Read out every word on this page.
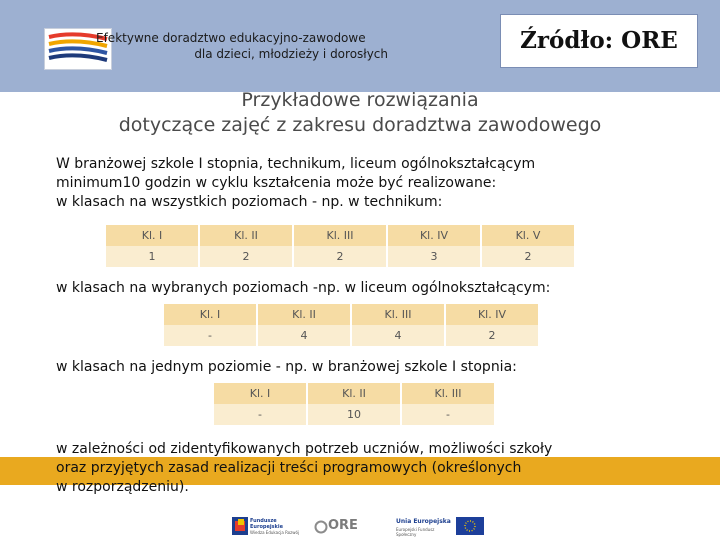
Efektywne doradztwo edukacyjno-zawodowe
dla dzieci, młodzieży i dorosłych	Źródło: ORE
Przykładowe rozwiązania
dotyczące zajęć z zakresu doradztwa zawodowego
W branżowej szkole I stopnia, technikum, liceum ogólnokształcącym
minimum10 godzin w cyklu kształcenia może być realizowane:
w klasach na wszystkich poziomach - np. w technikum:
Kl. I	Kl. II	Kl. III	Kl. IV	Kl. V
1	2	2	3	2
w klasach na wybranych poziomach -np. w liceum ogólnokształcącym:
Kl. I	Kl. II	Kl. III	Kl. IV
-	4	4	2
w klasach na jednym poziomie - np. w branżowej szkole I stopnia:
Kl. I	Kl. II	Kl. III
-	10	-
w zależności od zidentyfikowanych potrzeb uczniów, możliwości szkoły
oraz przyjętych zasad realizacji treści programowych (określonych
w rozporządzeniu).
Fundusze Europejskie
Wiedza Edukacja Rozwój ORE	Unia Europejska
Europejski Fundusz Społeczny
